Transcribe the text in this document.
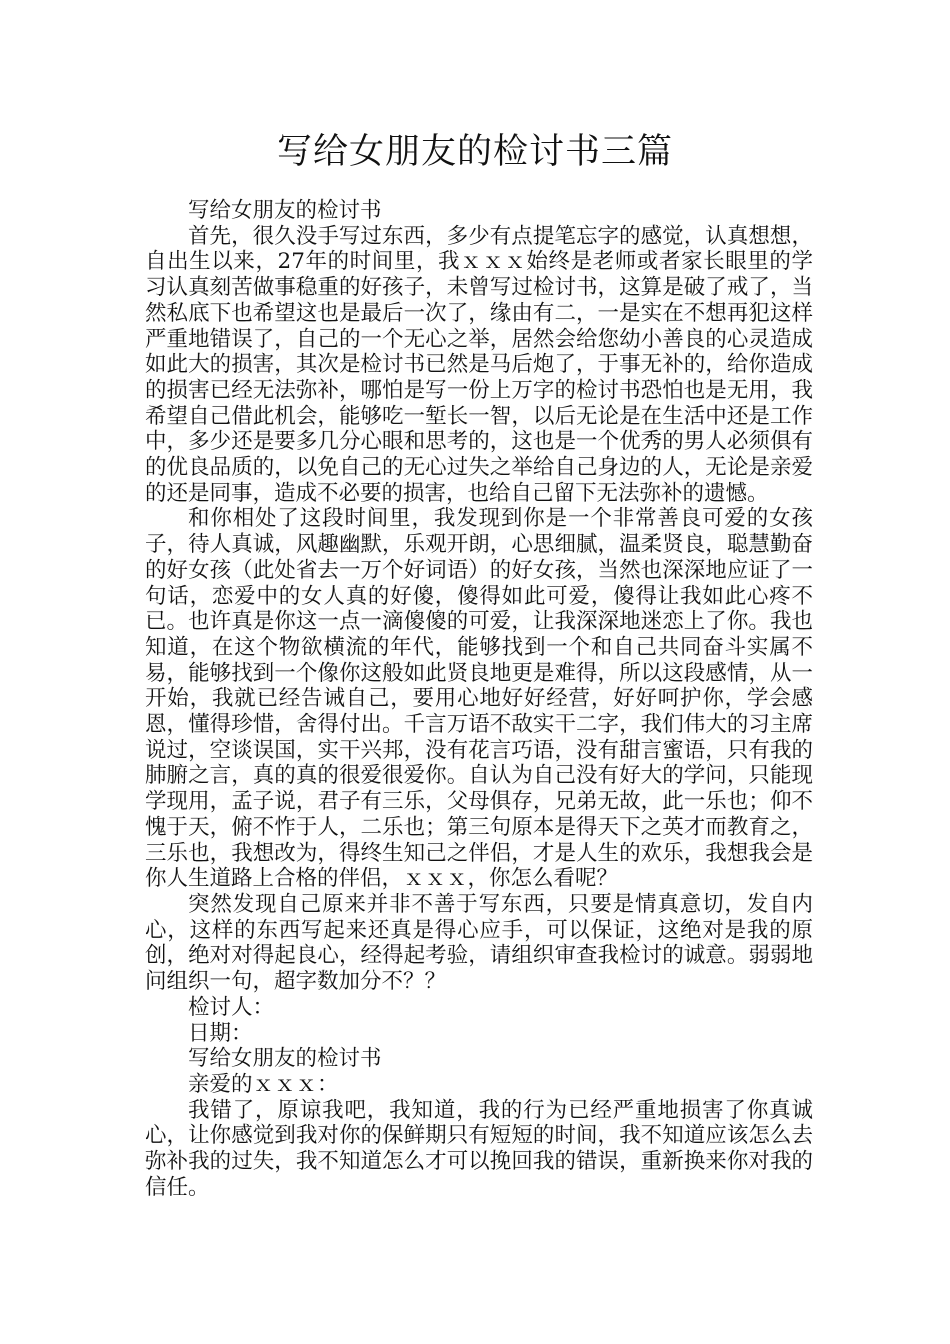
写给女朋友的检讨书三篇
写给女朋友的检讨书

首先，很久没手写过东西，多少有点提笔忘字的感觉，认真想想，自出生以来，27年的时间里，我ｘｘｘ始终是老师或者家长眼里的学习认真刻苦做事稳重的好孩子，未曾写过检讨书，这算是破了戒了，当然私底下也希望这也是最后一次了，缘由有二，一是实在不想再犯这样严重地错误了，自己的一个无心之举，居然会给您幼小善良的心灵造成如此大的损害，其次是检讨书已然是马后炮了，于事无补的，给你造成的损害已经无法弥补，哪怕是写一份上万字的检讨书恐怕也是无用，我希望自己借此机会，能够吃一堑长一智，以后无论是在生活中还是工作中，多少还是要多几分心眼和思考的，这也是一个优秀的男人必须俱有的优良品质的，以免自己的无心过失之举给自己身边的人，无论是亲爱的还是同事，造成不必要的损害，也给自己留下无法弥补的遗憾。

和你相处了这段时间里，我发现到你是一个非常善良可爱的女孩子，待人真诚，风趣幽默，乐观开朗，心思细腻，温柔贤良，聪慧勤奋的好女孩（此处省去一万个好词语）的好女孩，当然也深深地应证了一句话，恋爱中的女人真的好傻，傻得如此可爱，傻得让我如此心疼不已。也许真是你这一点一滴傻傻的可爱，让我深深地迷恋上了你。我也知道，在这个物欲横流的年代，能够找到一个和自己共同奋斗实属不易，能够找到一个像你这般如此贤良地更是难得，所以这段感情，从一开始，我就已经告诫自己，要用心地好好经营，好好呵护你，学会感恩，懂得珍惜，舍得付出。千言万语不敌实干二字，我们伟大的习主席说过，空谈误国，实干兴邦，没有花言巧语，没有甜言蜜语，只有我的肺腑之言，真的真的很爱很爱你。自认为自己没有好大的学问，只能现学现用，孟子说，君子有三乐，父母俱存，兄弟无故，此一乐也；仰不愧于天，俯不怍于人，二乐也；第三句原本是得天下之英才而教育之，三乐也，我想改为，得终生知己之伴侣，才是人生的欢乐，我想我会是你人生道路上合格的伴侣，ｘｘｘ，你怎么看呢？

突然发现自己原来并非不善于写东西，只要是情真意切，发自内心，这样的东西写起来还真是得心应手，可以保证，这绝对是我的原创，绝对对得起良心，经得起考验，请组织审查我检讨的诚意。弱弱地问组织一句，超字数加分不？？

检讨人：
日期：
写给女朋友的检讨书
亲爱的ｘｘｘ：

我错了，原谅我吧，我知道，我的行为已经严重地损害了你真诚心，让你感觉到我对你的保鲜期只有短短的时间，我不知道应该怎么去弥补我的过失，我不知道怎么才可以挽回我的错误，重新换来你对我的信任。
